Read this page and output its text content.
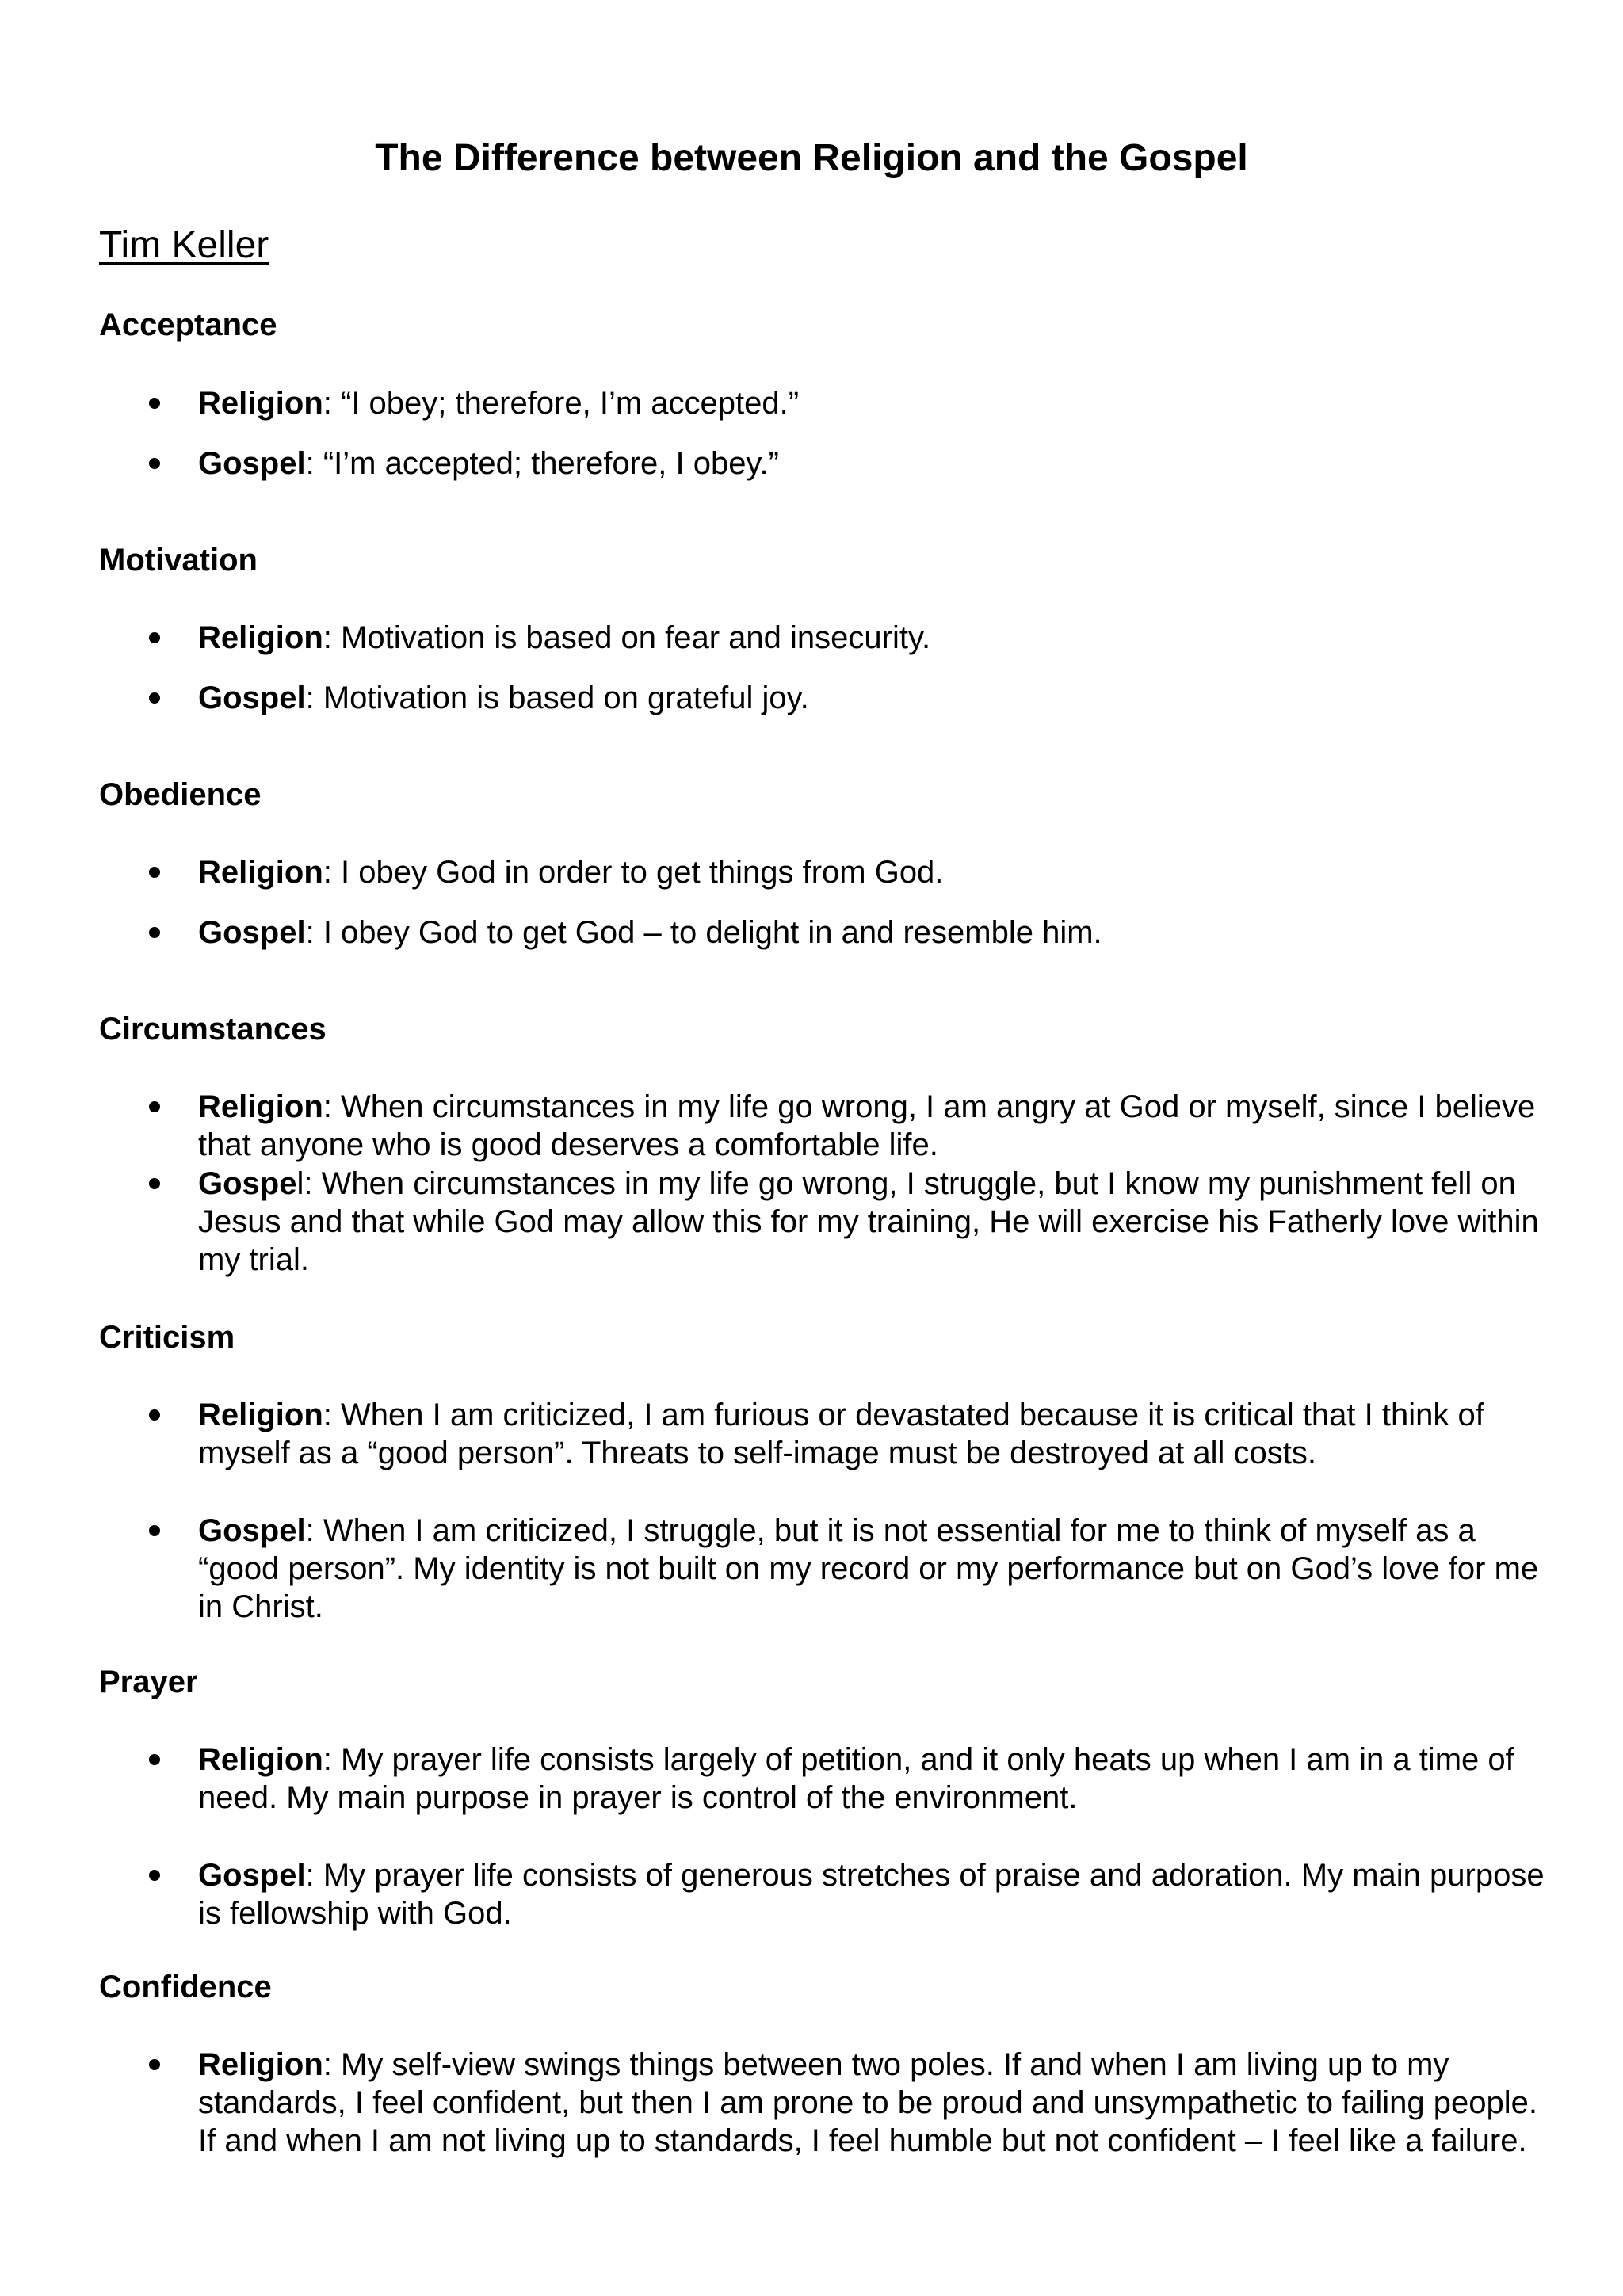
The Difference between Religion and the Gospel
Tim Keller
Acceptance

Religion: “I obey; therefore, I’m accepted.”

Gospel: “I’m accepted; therefore, I obey.”

Motivation

Religion: Motivation is based on fear and insecurity.

Gospel: Motivation is based on grateful joy.

Obedience

Religion: I obey God in order to get things from God.

Gospel: I obey God to get God – to delight in and resemble him.

Circumstances

Religion: When circumstances in my life go wrong, I am angry at God or myself, since I believe that anyone who is good deserves a comfortable life.

Gospel: When circumstances in my life go wrong, I struggle, but I know my punishment fell on Jesus and that while God may allow this for my training, He will exercise his Fatherly love within my trial.

Criticism

Religion: When I am criticized, I am furious or devastated because it is critical that I think of myself as a “good person”. Threats to self-image must be destroyed at all costs.

Gospel: When I am criticized, I struggle, but it is not essential for me to think of myself as a “good person”. My identity is not built on my record or my performance but on God’s love for me in Christ.

Prayer

Religion: My prayer life consists largely of petition, and it only heats up when I am in a time of need. My main purpose in prayer is control of the environment.

Gospel: My prayer life consists of generous stretches of praise and adoration. My main purpose is fellowship with God.

Confidence

Religion: My self-view swings things between two poles. If and when I am living up to my standards, I feel confident, but then I am prone to be proud and unsympathetic to failing people. If and when I am not living up to standards, I feel humble but not confident – I feel like a failure.
